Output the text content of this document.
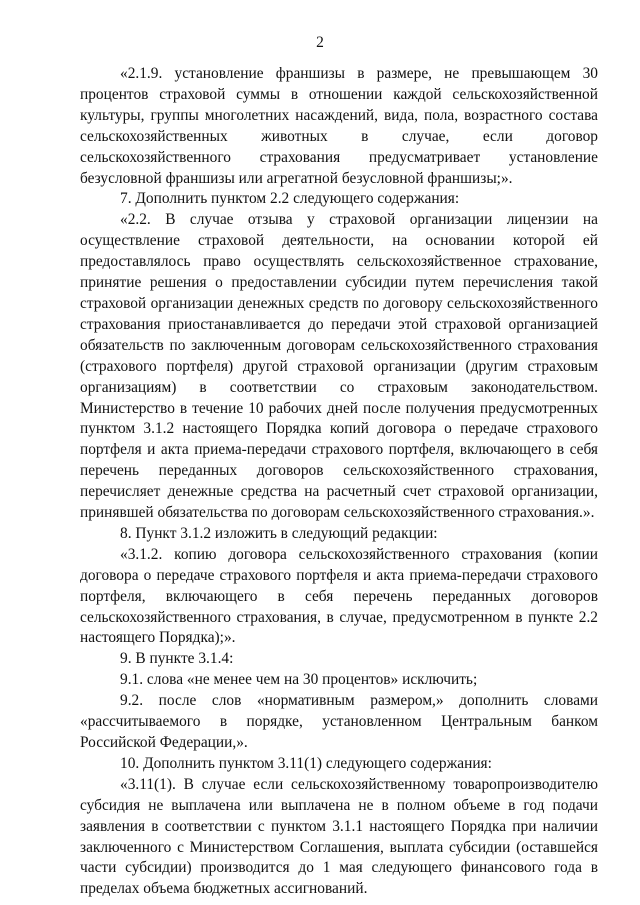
2

«2.1.9. установление франшизы в размере, не превышающем 30 процентов страховой суммы в отношении каждой сельскохозяйственной культуры, группы многолетних насаждений, вида, пола, возрастного состава сельскохозяйственных животных в случае, если договор сельскохозяйственного страхования предусматривает установление безусловной франшизы или агрегатной безусловной франшизы;».

7. Дополнить пунктом 2.2 следующего содержания:

«2.2. В случае отзыва у страховой организации лицензии на осуществление страховой деятельности, на основании которой ей предоставлялось право осуществлять сельскохозяйственное страхование, принятие решения о предоставлении субсидии путем перечисления такой страховой организации денежных средств по договору сельскохозяйственного страхования приостанавливается до передачи этой страховой организацией обязательств по заключенным договорам сельскохозяйственного страхования (страхового портфеля) другой страховой организации (другим страховым организациям) в соответствии со страховым законодательством. Министерство в течение 10 рабочих дней после получения предусмотренных пунктом 3.1.2 настоящего Порядка копий договора о передаче страхового портфеля и акта приема-передачи страхового портфеля, включающего в себя перечень переданных договоров сельскохозяйственного страхования, перечисляет денежные средства на расчетный счет страховой организации, принявшей обязательства по договорам сельскохозяйственного страхования.».

8. Пункт 3.1.2 изложить в следующий редакции:

«3.1.2. копию договора сельскохозяйственного страхования (копии договора о передаче страхового портфеля и акта приема-передачи страхового портфеля, включающего в себя перечень переданных договоров сельскохозяйственного страхования, в случае, предусмотренном в пункте 2.2 настоящего Порядка);».

9. В пункте 3.1.4:

9.1. слова «не менее чем на 30 процентов» исключить;

9.2. после слов «нормативным размером,» дополнить словами «рассчитываемого в порядке, установленном Центральным банком Российской Федерации,».

10. Дополнить пунктом 3.11(1) следующего содержания:

«3.11(1). В случае если сельскохозяйственному товаропроизводителю субсидия не выплачена или выплачена не в полном объеме в год подачи заявления в соответствии с пунктом 3.1.1 настоящего Порядка при наличии заключенного с Министерством Соглашения, выплата субсидии (оставшейся части субсидии) производится до 1 мая следующего финансового года в пределах объема бюджетных ассигнований.
